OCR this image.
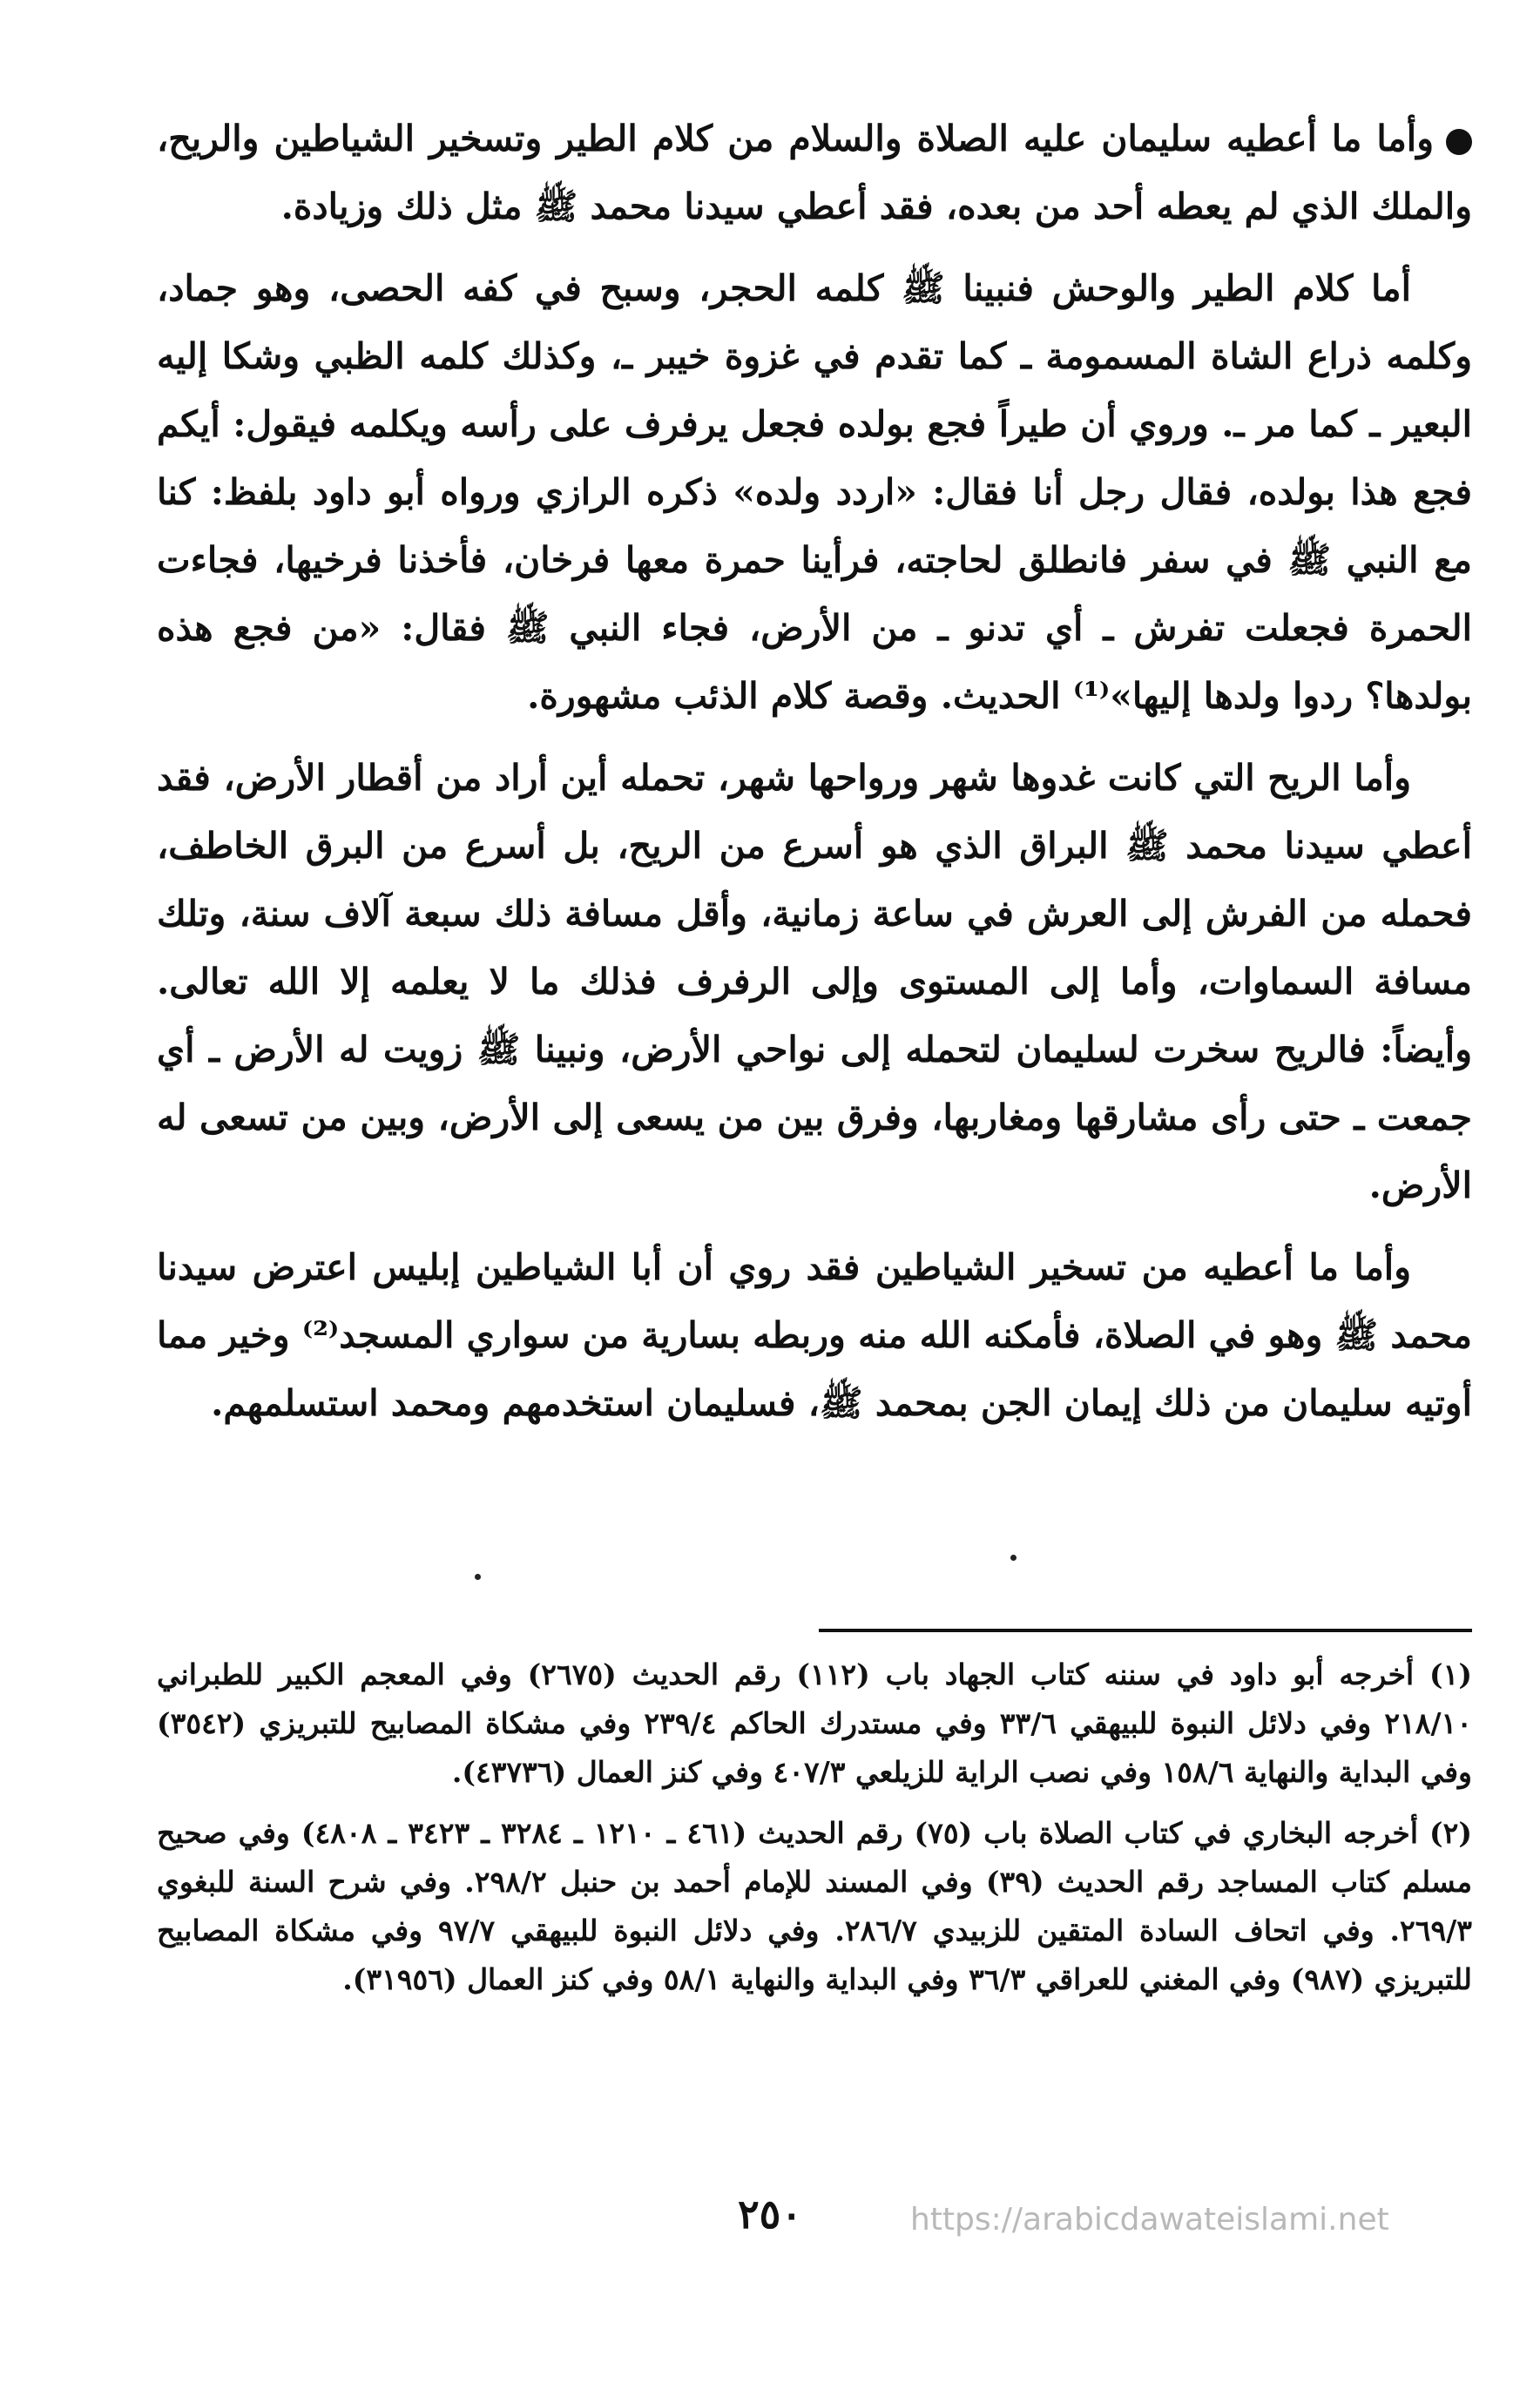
وأما ما أعطيه سليمان عليه الصلاة والسلام من كلام الطير وتسخير الشياطين والريح، والملك الذي لم يعطه أحد من بعده، فقد أعطي سيدنا محمد ﷺ مثل ذلك وزيادة.

أما كلام الطير والوحش فنبينا ﷺ كلمه الحجر، وسبح في كفه الحصى، وهو جماد، وكلمه ذراع الشاة المسمومة ـ كما تقدم في غزوة خيبر ـ، وكذلك كلمه الظبي وشكا إليه البعير ـ كما مر ـ. وروي أن طيراً فجع بولده فجعل يرفرف على رأسه ويكلمه فيقول: أيكم فجع هذا بولده، فقال رجل أنا فقال: «اردد ولده» ذكره الرازي ورواه أبو داود بلفظ: كنا مع النبي ﷺ في سفر فانطلق لحاجته، فرأينا حمرة معها فرخان، فأخذنا فرخيها، فجاءت الحمرة فجعلت تفرش ـ أي تدنو ـ من الأرض، فجاء النبي ﷺ فقال: «من فجع هذه بولدها؟ ردوا ولدها إليها»⁽¹⁾ الحديث. وقصة كلام الذئب مشهورة.

وأما الريح التي كانت غدوها شهر ورواحها شهر، تحمله أين أراد من أقطار الأرض، فقد أعطي سيدنا محمد ﷺ البراق الذي هو أسرع من الريح، بل أسرع من البرق الخاطف، فحمله من الفرش إلى العرش في ساعة زمانية، وأقل مسافة ذلك سبعة آلاف سنة، وتلك مسافة السماوات، وأما إلى المستوى وإلى الرفرف فذلك ما لا يعلمه إلا الله تعالى. وأيضاً: فالريح سخرت لسليمان لتحمله إلى نواحي الأرض، ونبينا ﷺ زويت له الأرض ـ أي جمعت ـ حتى رأى مشارقها ومغاربها، وفرق بين من يسعى إلى الأرض، وبين من تسعى له الأرض.

وأما ما أعطيه من تسخير الشياطين فقد روي أن أبا الشياطين إبليس اعترض سيدنا محمد ﷺ وهو في الصلاة، فأمكنه الله منه وربطه بسارية من سواري المسجد⁽²⁾ وخير مما أوتيه سليمان من ذلك إيمان الجن بمحمد ﷺ، فسليمان استخدمهم ومحمد استسلمهم.

(١) أخرجه أبو داود في سننه كتاب الجهاد باب (١١٢) رقم الحديث (٢٦٧٥) وفي المعجم الكبير للطبراني ٢١٨/١٠ وفي دلائل النبوة للبيهقي ٣٣/٦ وفي مستدرك الحاكم ٢٣٩/٤ وفي مشكاة المصابيح للتبريزي (٣٥٤٢) وفي البداية والنهاية ١٥٨/٦ وفي نصب الراية للزيلعي ٤٠٧/٣ وفي كنز العمال (٤٣٧٣٦).

(٢) أخرجه البخاري في كتاب الصلاة باب (٧٥) رقم الحديث (٤٦١ ـ ١٢١٠ ـ ٣٢٨٤ ـ ٣٤٢٣ ـ ٤٨٠٨) وفي صحيح مسلم كتاب المساجد رقم الحديث (٣٩) وفي المسند للإمام أحمد بن حنبل ٢٩٨/٢. وفي شرح السنة للبغوي ٢٦٩/٣. وفي اتحاف السادة المتقين للزبيدي ٢٨٦/٧. وفي دلائل النبوة للبيهقي ٩٧/٧ وفي مشكاة المصابيح للتبريزي (٩٨٧) وفي المغني للعراقي ٣٦/٣ وفي البداية والنهاية ٥٨/١ وفي كنز العمال (٣١٩٥٦).

٢٥٠	https://arabicdawateislami.net
